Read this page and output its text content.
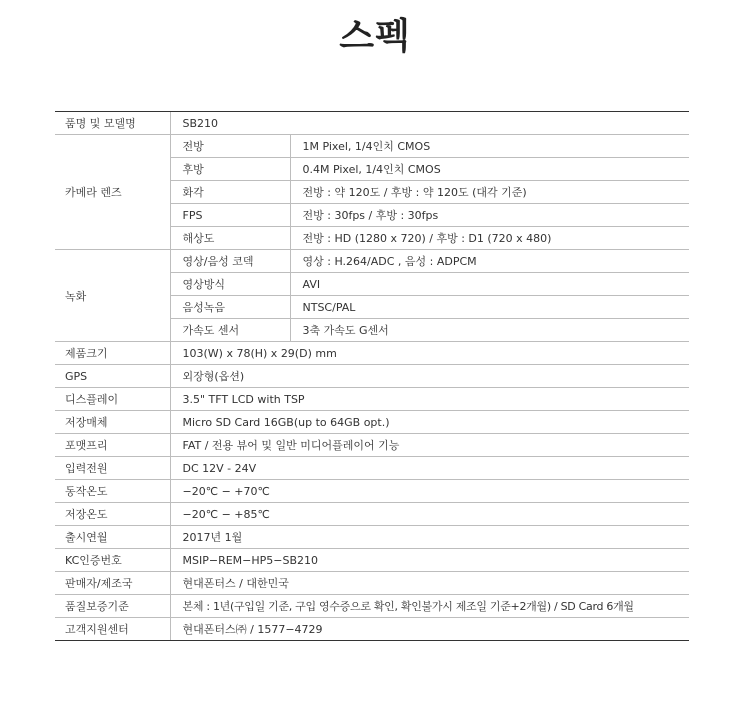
스펙
품명 및 모델명	SB210	
카메라 렌즈	전방	1M Pixel, 1/4인치 CMOS
	후방	0.4M Pixel, 1/4인치 CMOS
	화각	전방 : 약 120도 / 후방 : 약 120도 (대각 기준)
	FPS	전방 : 30fps / 후방 : 30fps
	해상도	전방 : HD (1280 x 720) / 후방 : D1 (720 x 480)
녹화	영상/음성 코덱	영상 : H.264/ADC , 음성 : ADPCM
	영상방식	AVI
	음성녹음	NTSC/PAL
	가속도 센서	3축 가속도 G센서
제품크기	103(W) x 78(H) x 29(D) mm	
GPS	외장형(옵션)	
디스플레이	3.5" TFT LCD with TSP	
저장매체	Micro SD Card 16GB(up to 64GB opt.)	
포맷프리	FAT / 전용 뷰어 및 일반 미디어플레이어 기능	
입력전원	DC 12V - 24V	
동작온도	−20℃ − +70℃	
저장온도	−20℃ − +85℃	
출시연월	2017년 1월	
KC인증번호	MSIP−REM−HP5−SB210	
판매자/제조국	현대폰터스 / 대한민국	
품질보증기준	본체 : 1년(구입일 기준, 구입 영수증으로 확인, 확인불가시 제조일 기준+2개월) / SD Card 6개월	
고객지원센터	현대폰터스㈜ / 1577−4729	
